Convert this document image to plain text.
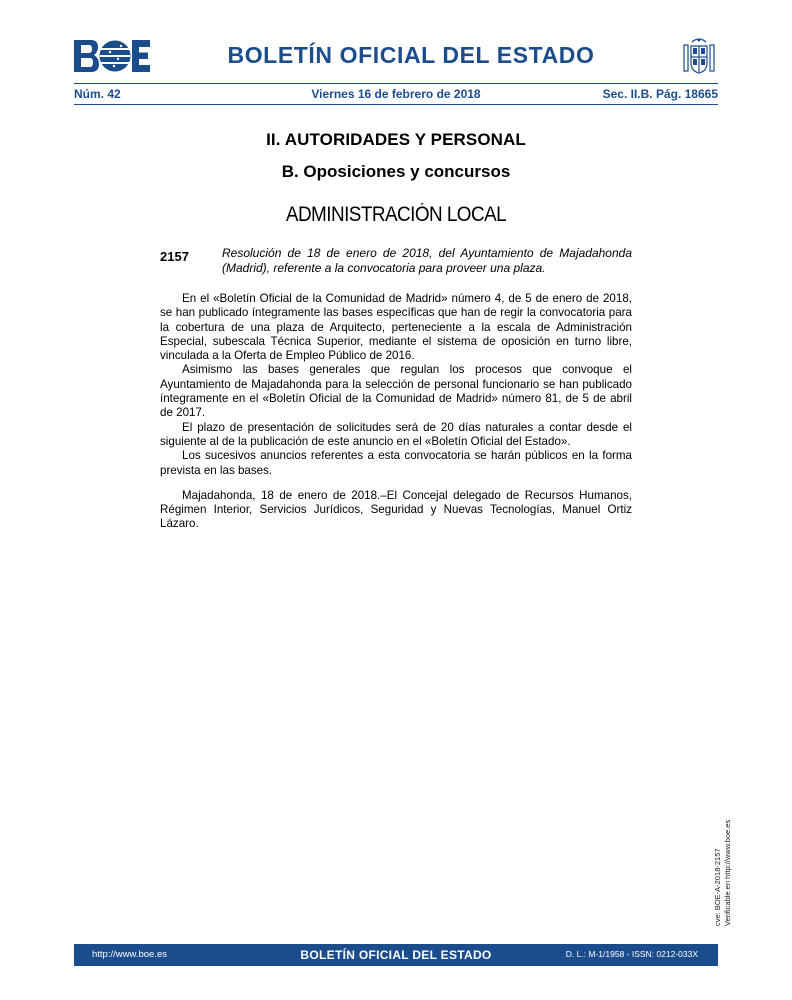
BOLETÍN OFICIAL DEL ESTADO
Núm. 42	Viernes 16 de febrero de 2018	Sec. II.B. Pág. 18665
II. AUTORIDADES Y PERSONAL
B. Oposiciones y concursos
ADMINISTRACIÓN LOCAL
2157	Resolución de 18 de enero de 2018, del Ayuntamiento de Majadahonda (Madrid), referente a la convocatoria para proveer una plaza.

En el «Boletín Oficial de la Comunidad de Madrid» número 4, de 5 de enero de 2018, se han publicado íntegramente las bases específicas que han de regir la convocatoria para la cobertura de una plaza de Arquitecto, perteneciente a la escala de Administración Especial, subescala Técnica Superior, mediante el sistema de oposición en turno libre, vinculada a la Oferta de Empleo Público de 2016.

Asimismo las bases generales que regulan los procesos que convoque el Ayuntamiento de Majadahonda para la selección de personal funcionario se han publicado íntegramente en el «Boletín Oficial de la Comunidad de Madrid» número 81, de 5 de abril de 2017.

El plazo de presentación de solicitudes será de 20 días naturales a contar desde el siguiente al de la publicación de este anuncio en el «Boletín Oficial del Estado».

Los sucesivos anuncios referentes a esta convocatoria se harán públicos en la forma prevista en las bases.

Majadahonda, 18 de enero de 2018.–El Concejal delegado de Recursos Humanos, Régimen Interior, Servicios Jurídicos, Seguridad y Nuevas Tecnologías, Manuel Ortiz Lázaro.

cve: BOE-A-2018-2157 Verificable en http://www.boe.es
http://www.boe.es	BOLETÍN OFICIAL DEL ESTADO	D. L.: M-1/1958 - ISSN: 0212-033X
